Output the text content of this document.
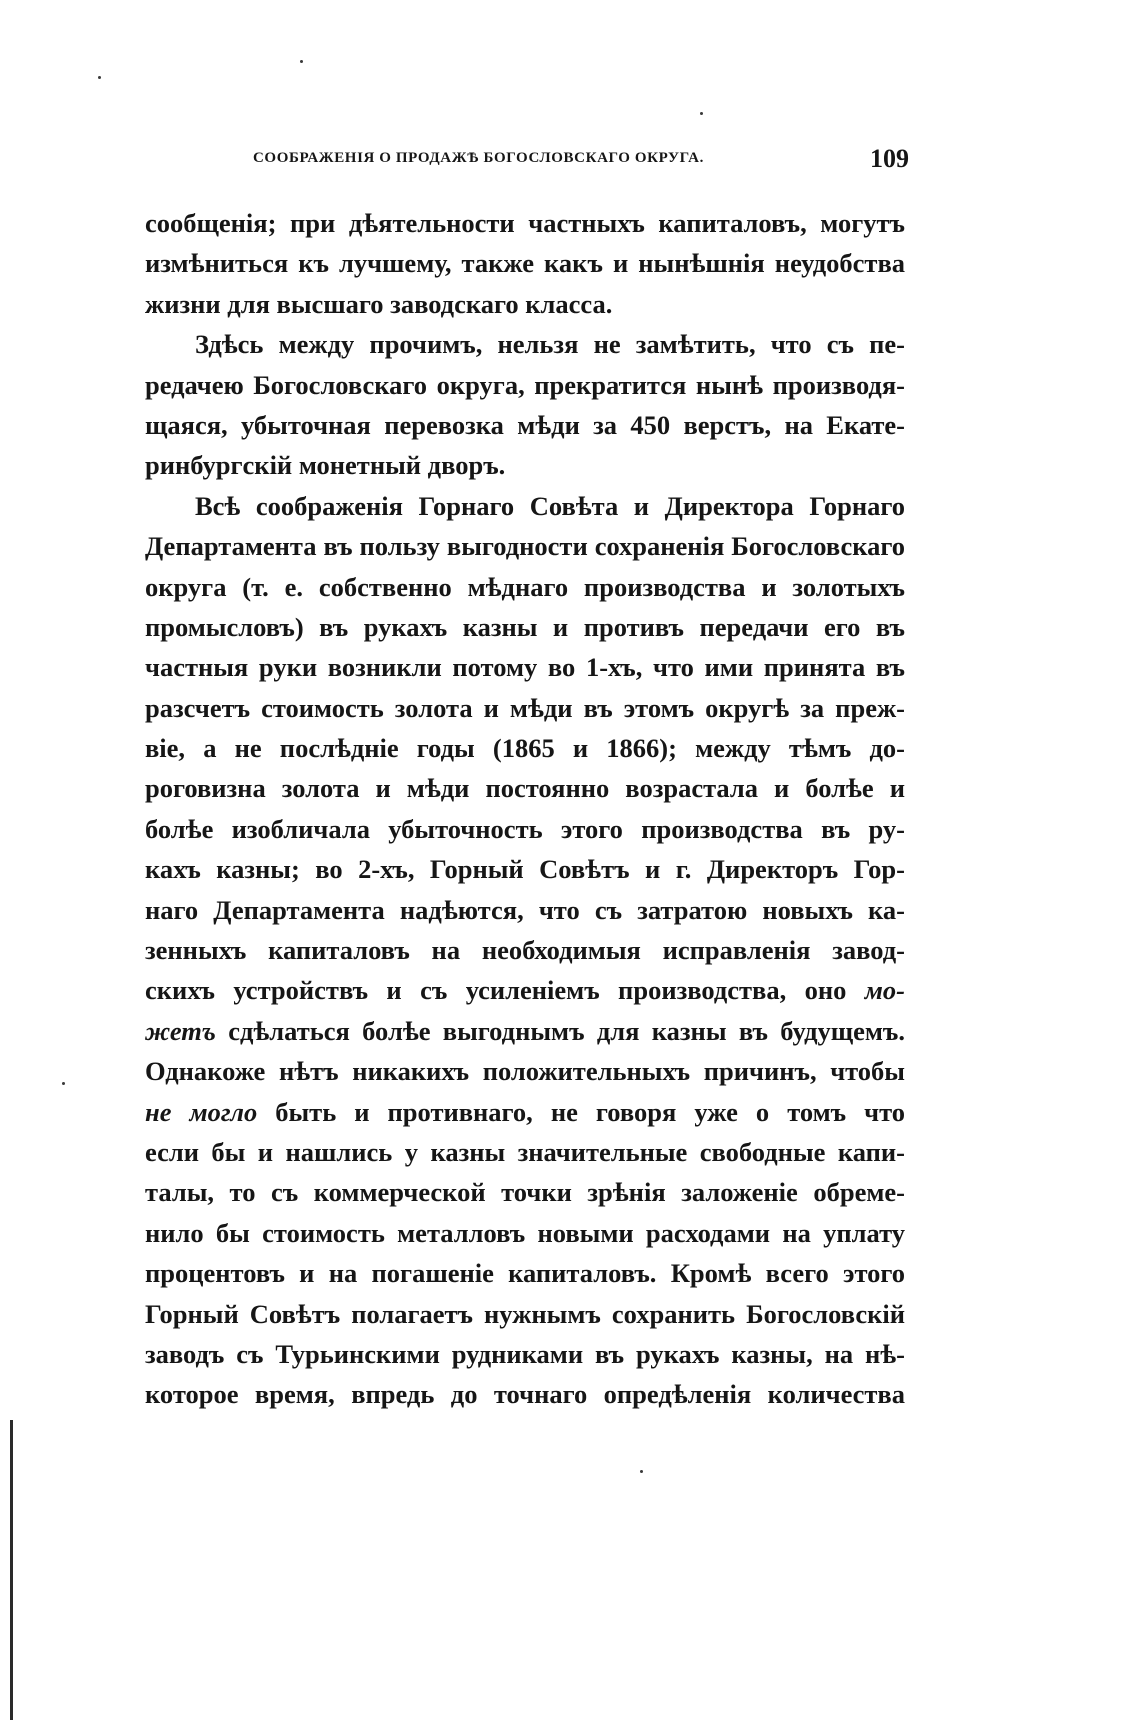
СООБРАЖЕНІЯ О ПРОДАЖѢ БОГОСЛОВСКАГО ОКРУГА.	109
сообщенія; при дѣятельности частныхъ капиталовъ, могутъ
измѣниться къ лучшему, также какъ и нынѣшнія неудобства
жизни для высшаго заводскаго класса.
Здѣсь между прочимъ, нельзя не замѣтить, что съ пе-
редачею Богословскаго округа, прекратится нынѣ производя-
щаяся, убыточная перевозка мѣди за 450 верстъ, на Екате-
ринбургскій монетный дворъ.
Всѣ соображенія Горнаго Совѣта и Директора Горнаго
Департамента въ пользу выгодности сохраненія Богословскаго
округа (т. е. собственно мѣднаго производства и золотыхъ
промысловъ) въ рукахъ казны и противъ передачи его въ
частныя руки возникли потому во 1-хъ, что ими принята въ
разсчетъ стоимость золота и мѣди въ этомъ округѣ за преж-
віе, а не послѣдніе годы (1865 и 1866); между тѣмъ до-
роговизна золота и мѣди постоянно возрастала и болѣе и
болѣе изобличала убыточность этого производства въ ру-
кахъ казны; во 2-хъ, Горный Совѣтъ и г. Директоръ Гор-
наго Департамента надѣются, что съ затратою новыхъ ка-
зенныхъ капиталовъ на необходимыя исправленія завод-
скихъ устройствъ и съ усиленіемъ производства, оно мо-
жетъ сдѣлаться болѣе выгоднымъ для казны въ будущемъ.
Однакоже нѣтъ никакихъ положительныхъ причинъ, чтобы
не могло быть и противнаго, не говоря уже о томъ что
если бы и нашлись у казны значительные свободные капи-
талы, то съ коммерческой точки зрѣнія заложеніе обреме-
нило бы стоимость металловъ новыми расходами на уплату
процентовъ и на погашеніе капиталовъ. Кромѣ всего этого
Горный Совѣтъ полагаетъ нужнымъ сохранить Богословскій
заводъ съ Турьинскими рудниками въ рукахъ казны, на нѣ-
которое время, впредь до точнаго опредѣленія количества
